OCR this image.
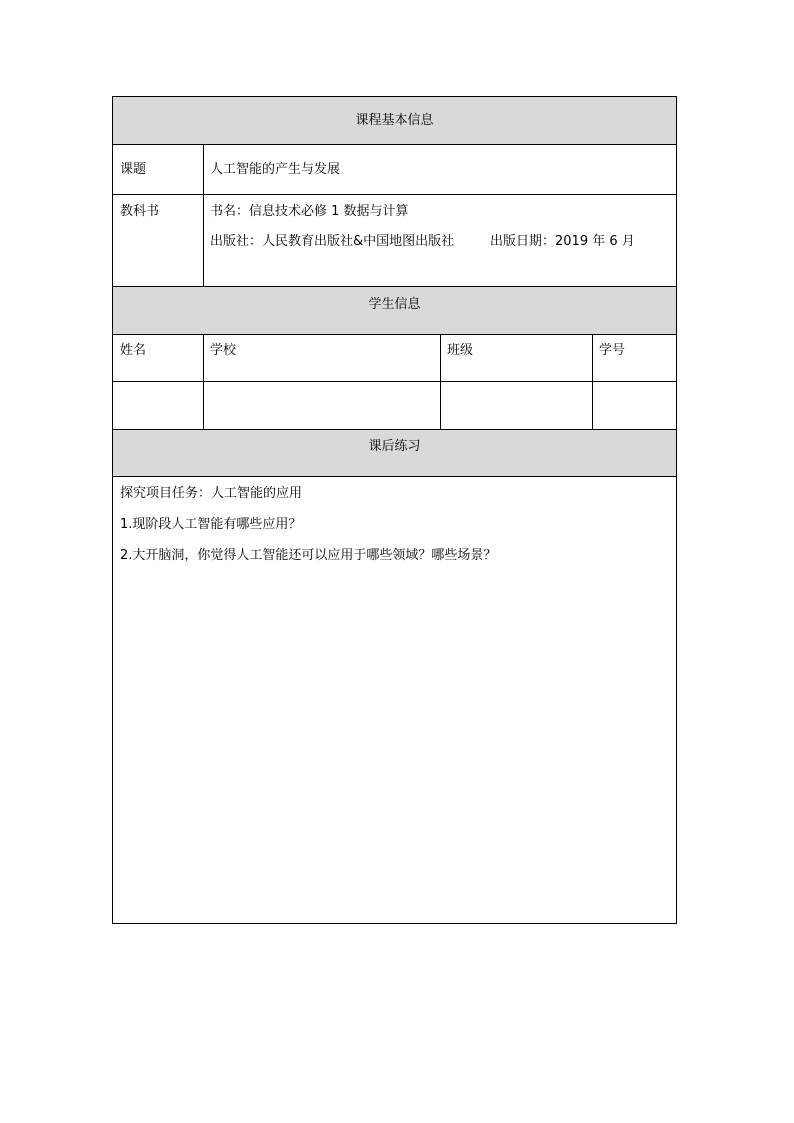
课程基本信息
课题	人工智能的产生与发展
教科书	书名：信息技术必修 1 数据与计算
出版社：人民教育出版社&中国地图出版社	出版日期：2019 年 6 月
学生信息
姓名	学校	班级	学号
课后练习
探究项目任务：人工智能的应用
1.现阶段人工智能有哪些应用？
2.大开脑洞，你觉得人工智能还可以应用于哪些领域？哪些场景？
